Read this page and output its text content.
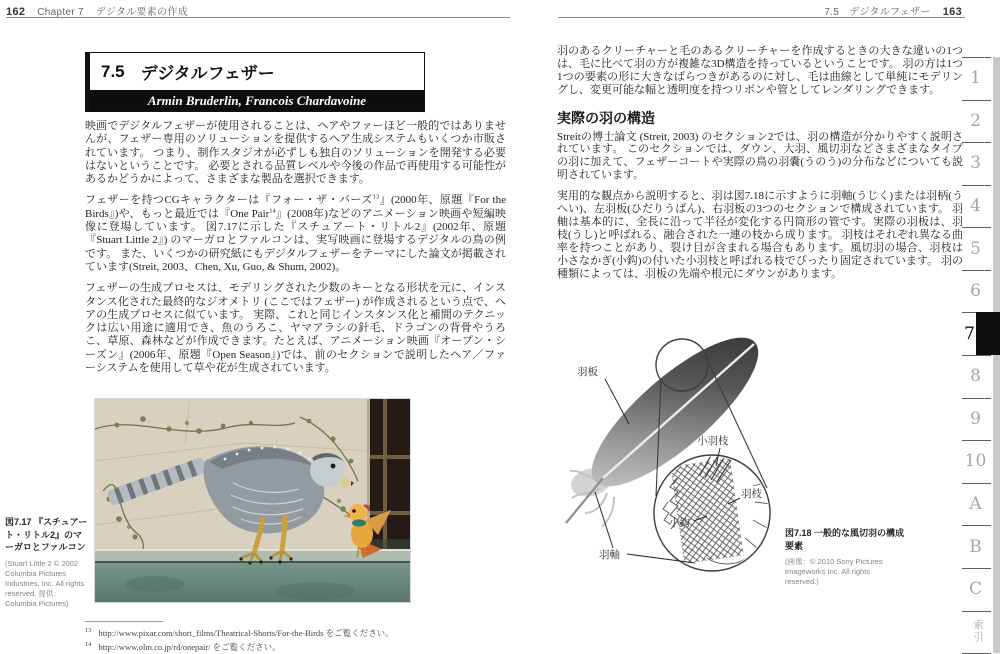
162 Chapter 7 デジタル要素の作成	7.5　デジタルフェザー 163
7.5 デジタルフェザー
Armin Bruderlin, Francois Chardavoine

映画でデジタルフェザーが使用されることは、ヘアやファーほど一般的ではありませんが、フェザー専用のソリューションを提供するヘア生成システムもいくつか市販されています。 つまり、制作スタジオが必ずしも独自のソリューションを開発する必要はないということです。 必要とされる品質レベルや今後の作品で再使用する可能性があるかどうかによって、さまざまな製品を選択できます。

フェザーを持つCGキャラクターは『フォー・ザ・バーズ$^{13}$』(2000年、原題『For the Birds』)や、もっと最近では『One Pair$^{14}$』(2008年)などのアニメーション映画や短編映像に登場しています。 図7.17に示した『スチュアート・リトル2』(2002年、原題『Stuart Little 2』) のマーガロとファルコンは、実写映画に登場するデジタルの鳥の例です。 また、いくつかの研究紙にもデジタルフェザーをテーマにした論文が掲載されています(Streit, 2003、Chen, Xu, Guo, & Shum, 2002)。

フェザーの生成プロセスは、モデリングされた少数のキーとなる形状を元に、インスタンス化された最終的なジオメトリ (ここではフェザー) が作成されるという点で、ヘアの生成プロセスに似ています。 実際、これと同じインスタンス化と補間のテクニックは広い用途に適用でき、魚のうろこ、ヤマアラシの針毛、ドラゴンの背骨やうろこ、草原、森林などが作成できます。たとえば、アニメーション映画『オープン・シーズン』(2006年、原題『Open Season』)では、前のセクションで説明したヘア／ファーシステムを使用して草や花が生成されています。

図7.17 『スチュアート・リトル2』のマーガロとファルコン
(Stuart Little 2 © 2002 Columbia Pictures Industries, Inc. All rights reserved. 提供：Columbia Pictures)
13 http://www.pixar.com/short_films/Theatrical-Shorts/For-the-Birds をご覧ください。
14 http://www.olm.co.jp/rd/onepair/ をご覧ください。

羽のあるクリーチャーと毛のあるクリーチャーを作成するときの大きな違いの1つは、毛に比べて羽の方が複雑な3D構造を持っているということです。 羽の方は1つ1つの要素の形に大きなばらつきがあるのに対し、毛は曲線として単純にモデリングし、変更可能な幅と透明度を持つリボンや管としてレンダリングできます。

実際の羽の構造

Streitの博士論文 (Streit, 2003) のセクション2では、羽の構造が分かりやすく説明されています。 このセクションでは、ダウン、大羽、風切羽などさまざまなタイプの羽に加えて、フェザーコートや実際の鳥の羽嚢(うのう)の分布などについても説明されています。

実用的な観点から説明すると、羽は図7.18に示すように羽軸(うじく)または羽柄(うへい)、左羽板(ひだりうばん)、右羽板の3つのセクションで構成されています。 羽軸は基本的に、全長に沿って半径が変化する円筒形の管です。実際の羽板は、羽枝(うし)と呼ばれる、融合された一連の枝から成ります。 羽枝はそれぞれ異なる曲率を持つことがあり、裂け目が含まれる場合もあります。風切羽の場合、羽枝は小さなかぎ(小鈎)の付いた小羽枝と呼ばれる枝でぴったり固定されています。 羽の種類によっては、羽板の先端や根元にダウンがあります。

羽板
羽軸
小羽枝
羽枝
小鈎
図7.18 一般的な風切羽の構成要素
(画像：© 2010 Sony Pictures Imageworks Inc. All rights reserved.)
1
2
3
4
5
6
7
8
9
10
A
B
C
索引
